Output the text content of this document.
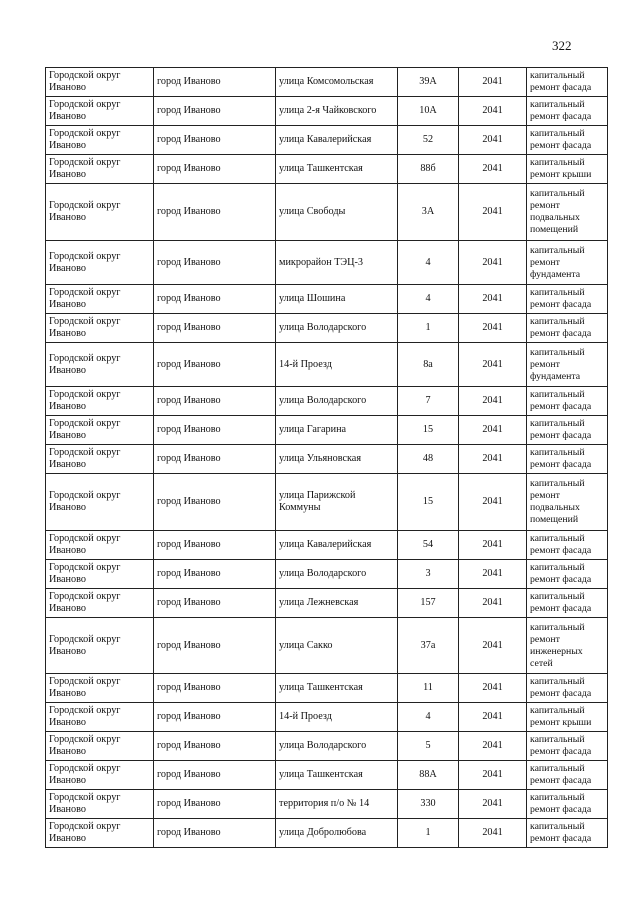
322
Городской округ Иваново	город Иваново	улица Комсомольская	39А	2041	капитальный ремонт фасада
Городской округ Иваново	город Иваново	улица 2-я Чайковского	10А	2041	капитальный ремонт фасада
Городской округ Иваново	город Иваново	улица Кавалерийская	52	2041	капитальный ремонт фасада
Городской округ Иваново	город Иваново	улица Ташкентская	88б	2041	капитальный ремонт крыши
Городской округ Иваново	город Иваново	улица Свободы	3А	2041	капитальный ремонт подвальных помещений
Городской округ Иваново	город Иваново	микрорайон ТЭЦ-3	4	2041	капитальный ремонт фундамента
Городской округ Иваново	город Иваново	улица Шошина	4	2041	капитальный ремонт фасада
Городской округ Иваново	город Иваново	улица Володарского	1	2041	капитальный ремонт фасада
Городской округ Иваново	город Иваново	14-й Проезд	8а	2041	капитальный ремонт фундамента
Городской округ Иваново	город Иваново	улица Володарского	7	2041	капитальный ремонт фасада
Городской округ Иваново	город Иваново	улица Гагарина	15	2041	капитальный ремонт фасада
Городской округ Иваново	город Иваново	улица Ульяновская	48	2041	капитальный ремонт фасада
Городской округ Иваново	город Иваново	улица Парижской Коммуны	15	2041	капитальный ремонт подвальных помещений
Городской округ Иваново	город Иваново	улица Кавалерийская	54	2041	капитальный ремонт фасада
Городской округ Иваново	город Иваново	улица Володарского	3	2041	капитальный ремонт фасада
Городской округ Иваново	город Иваново	улица Лежневская	157	2041	капитальный ремонт фасада
Городской округ Иваново	город Иваново	улица Сакко	37а	2041	капитальный ремонт инженерных сетей
Городской округ Иваново	город Иваново	улица Ташкентская	11	2041	капитальный ремонт фасада
Городской округ Иваново	город Иваново	14-й Проезд	4	2041	капитальный ремонт крыши
Городской округ Иваново	город Иваново	улица Володарского	5	2041	капитальный ремонт фасада
Городской округ Иваново	город Иваново	улица Ташкентская	88А	2041	капитальный ремонт фасада
Городской округ Иваново	город Иваново	территория п/о № 14	330	2041	капитальный ремонт фасада
Городской округ Иваново	город Иваново	улица Добролюбова	1	2041	капитальный ремонт фасада
